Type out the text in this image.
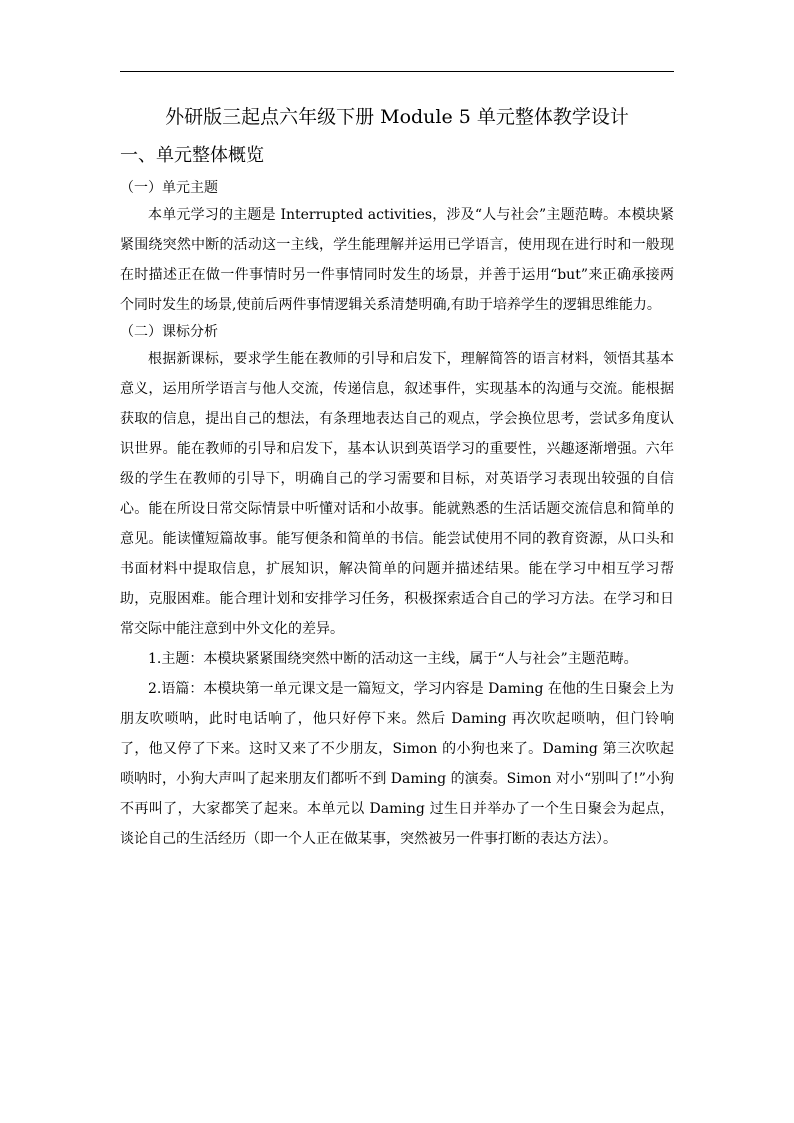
外研版三起点六年级下册 Module 5 单元整体教学设计
一、单元整体概览
（一）单元主题

本单元学习的主题是 Interrupted activities，涉及“人与社会”主题范畴。本模块紧紧围绕突然中断的活动这一主线，学生能理解并运用已学语言，使用现在进行时和一般现在时描述正在做一件事情时另一件事情同时发生的场景，并善于运用“but”来正确承接两个同时发生的场景,使前后两件事情逻辑关系清楚明确,有助于培养学生的逻辑思维能力。

（二）课标分析

根据新课标，要求学生能在教师的引导和启发下，理解简答的语言材料，领悟其基本意义，运用所学语言与他人交流，传递信息，叙述事件，实现基本的沟通与交流。能根据获取的信息，提出自己的想法，有条理地表达自己的观点，学会换位思考，尝试多角度认识世界。能在教师的引导和启发下，基本认识到英语学习的重要性，兴趣逐渐增强。六年级的学生在教师的引导下，明确自己的学习需要和目标，对英语学习表现出较强的自信心。能在所设日常交际情景中听懂对话和小故事。能就熟悉的生活话题交流信息和简单的意见。能读懂短篇故事。能写便条和简单的书信。能尝试使用不同的教育资源，从口头和书面材料中提取信息，扩展知识，解决简单的问题并描述结果。能在学习中相互学习帮助，克服困难。能合理计划和安排学习任务，积极探索适合自己的学习方法。在学习和日常交际中能注意到中外文化的差异。

1.主题：本模块紧紧围绕突然中断的活动这一主线，属于“人与社会”主题范畴。

2.语篇：本模块第一单元课文是一篇短文，学习内容是 Daming 在他的生日聚会上为朋友吹唢呐，此时电话响了，他只好停下来。然后 Daming 再次吹起唢呐，但门铃响了，他又停了下来。这时又来了不少朋友，Simon 的小狗也来了。Daming 第三次吹起唢呐时，小狗大声叫了起来朋友们都听不到 Daming 的演奏。Simon 对小“别叫了!”小狗不再叫了，大家都笑了起来。本单元以 Daming 过生日并举办了一个生日聚会为起点，谈论自己的生活经历（即一个人正在做某事，突然被另一件事打断的表达方法）。
